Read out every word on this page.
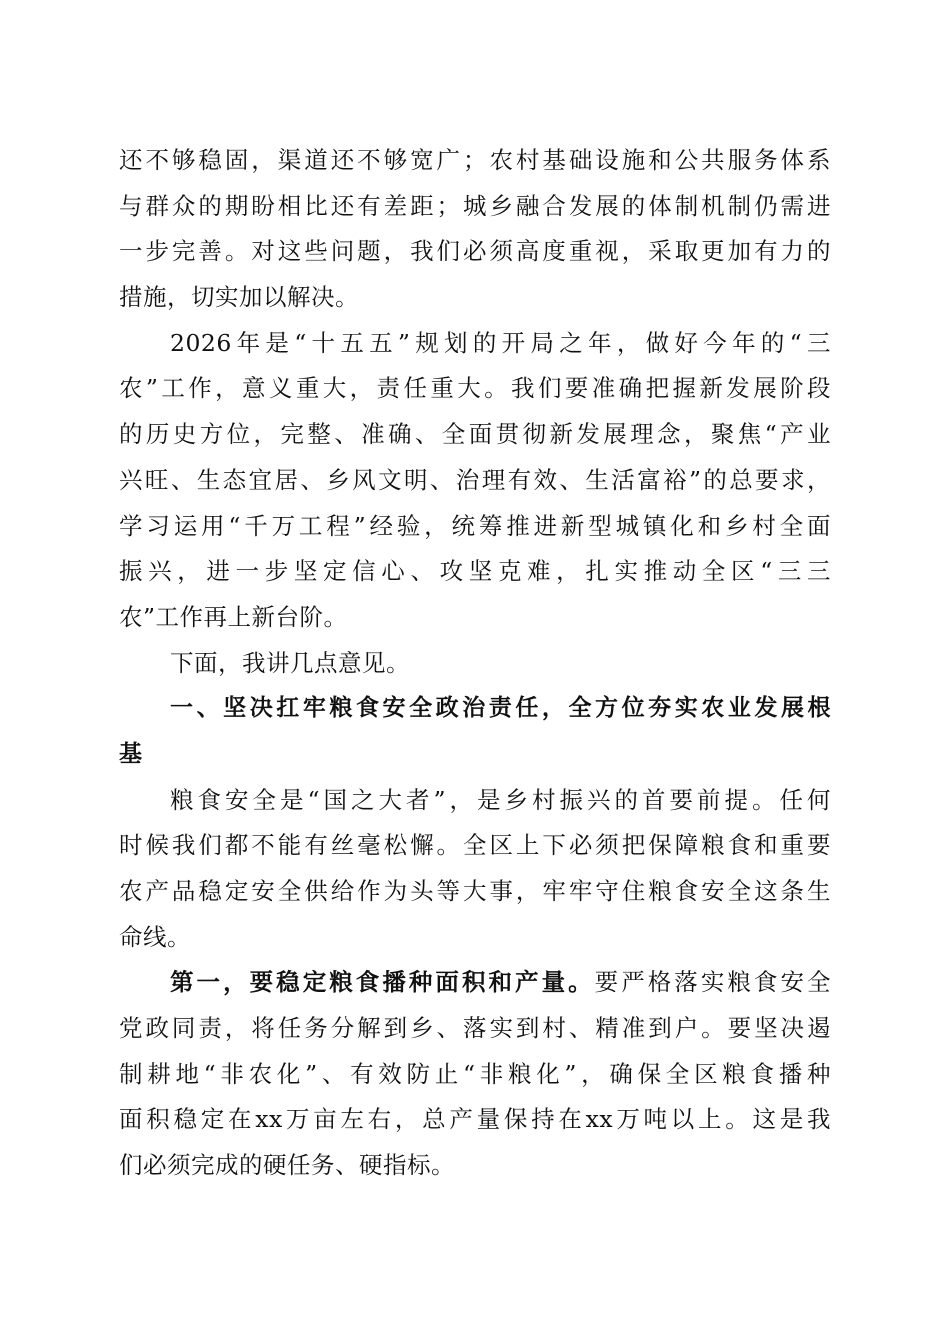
还不够稳固，渠道还不够宽广；农村基础设施和公共服务体系
与群众的期盼相比还有差距；城乡融合发展的体制机制仍需进
一步完善。对这些问题，我们必须高度重视，采取更加有力的
措施，切实加以解决。
2026年是“十五五”规划的开局之年，做好今年的“三
农”工作，意义重大，责任重大。我们要准确把握新发展阶段
的历史方位，完整、准确、全面贯彻新发展理念，聚焦“产业
兴旺、生态宜居、乡风文明、治理有效、生活富裕”的总要求，
学习运用“千万工程”经验，统筹推进新型城镇化和乡村全面
振兴，进一步坚定信心、攻坚克难，扎实推动全区“三三
农”工作再上新台阶。
下面，我讲几点意见。
一、坚决扛牢粮食安全政治责任，全方位夯实农业发展根
基
粮食安全是“国之大者”，是乡村振兴的首要前提。任何
时候我们都不能有丝毫松懈。全区上下必须把保障粮食和重要
农产品稳定安全供给作为头等大事，牢牢守住粮食安全这条生
命线。
第一，要稳定粮食播种面积和产量。要严格落实粮食安全
党政同责，将任务分解到乡、落实到村、精准到户。要坚决遏
制耕地“非农化”、有效防止“非粮化”，确保全区粮食播种
面积稳定在xx万亩左右，总产量保持在xx万吨以上。这是我
们必须完成的硬任务、硬指标。
